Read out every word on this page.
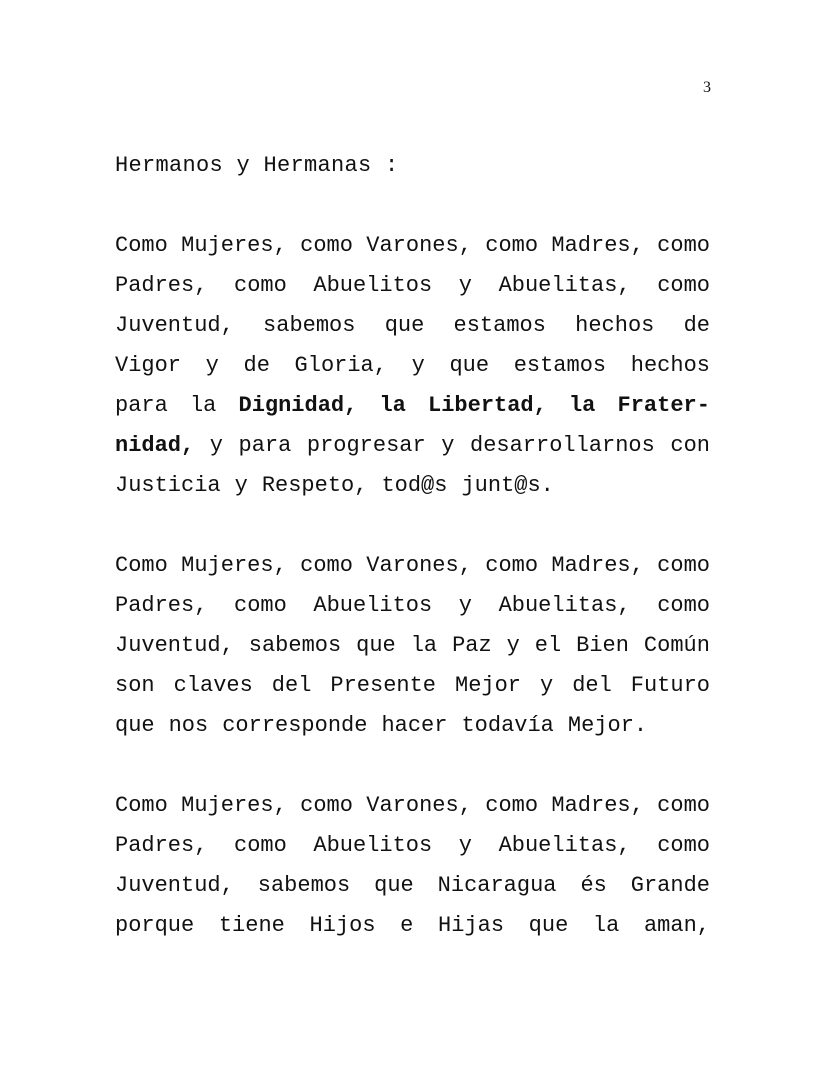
3
Hermanos y Hermanas :
Como Mujeres, como Varones, como Madres, como
Padres, como Abuelitos y Abuelitas, como
Juventud, sabemos que estamos hechos de
Vigor y de Gloria, y que estamos hechos
para la Dignidad, la Libertad, la Frater-
nidad, y para progresar y desarrollarnos con
Justicia y Respeto, tod@s junt@s.
Como Mujeres, como Varones, como Madres, como
Padres, como Abuelitos y Abuelitas, como
Juventud, sabemos que la Paz y el Bien Común
son claves del Presente Mejor y del Futuro
que nos corresponde hacer todavía Mejor.
Como Mujeres, como Varones, como Madres, como
Padres, como Abuelitos y Abuelitas, como
Juventud, sabemos que Nicaragua és Grande
porque tiene Hijos e Hijas que la aman,
